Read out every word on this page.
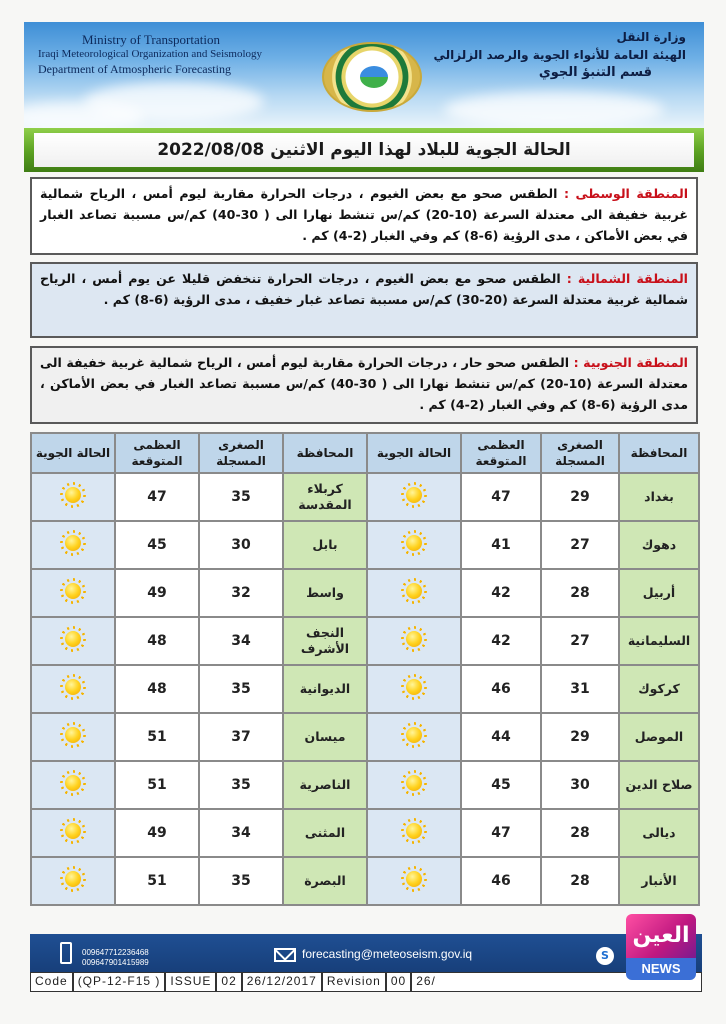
Ministry of Transportation
Iraqi Meteorological Organization and Seismology
Department of Atmospheric Forecasting
وزارة النقل
الهيئة العامة للأنواء الجوية والرصد الزلزالي
قسم التنبؤ الجوي
الحالة الجوية للبلاد لهذا اليوم الاثنين 2022/08/08
المنطقة الوسطى : الطقس صحو مع بعض الغيوم ، درجات الحرارة مقاربة ليوم أمس ، الرياح شمالية غربية خفيفة الى معتدلة السرعة (10-20) كم/س تنشط نهارا الى ( 30-40) كم/س مسببة تصاعد الغبار في بعض الأماكن ، مدى الرؤية (6-8) كم وفي الغبار (2-4) كم .
المنطقة الشمالية : الطقس صحو مع بعض الغيوم ، درجات الحرارة تنخفض قليلا عن يوم أمس ، الرياح شمالية غربية معتدلة السرعة (20-30) كم/س مسببة تصاعد غبار خفيف ، مدى الرؤية (6-8) كم .
المنطقة الجنوبية : الطقس صحو حار ، درجات الحرارة مقاربة ليوم أمس ، الرياح شمالية غربية خفيفة الى معتدلة السرعة (10-20) كم/س تنشط نهارا الى ( 30-40) كم/س مسببة تصاعد الغبار في بعض الأماكن ، مدى الرؤية (6-8) كم وفي الغبار (2-4) كم .
المحافظة	الصغرى المسجلة	العظمى المتوقعة	الحالة الجوية	المحافظة	الصغرى المسجلة	العظمى المتوقعة	الحالة الجوية
بغداد	29	47		كربلاء المقدسة	35	47	
دهوك	27	41		بابل	30	45	
أربيل	28	42		واسط	32	49	
السليمانية	27	42		النجف الأشرف	34	48	
كركوك	31	46		الديوانية	35	48	
الموصل	29	44		ميسان	37	51	
صلاح الدين	30	45		الناصرية	35	51	
ديالى	28	47		المثنى	34	49	
الأنبار	28	46		البصرة	35	51	
009647712236468
009647901415989
forecasting@meteoseism.gov.iq	S
Code (QP-12-F15 ) ISSUE 02 26/12/2017 Revision 00 26/
العين
NEWS
